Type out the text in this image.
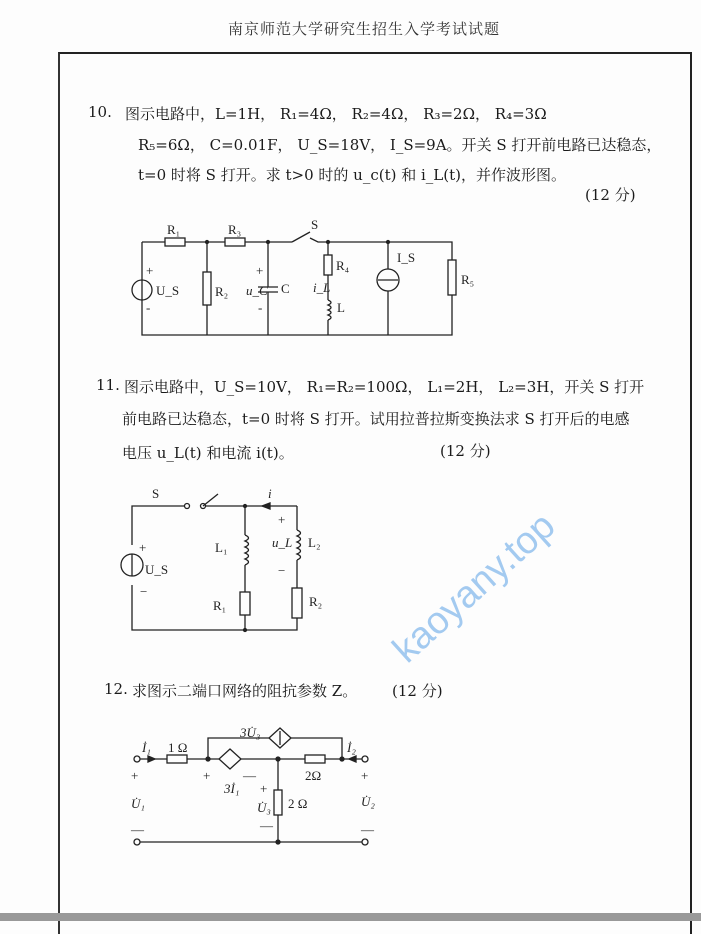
南京师范大学研究生招生入学考试试题
10. 图示电路中，L=1H， R₁=4Ω， R₂=4Ω， R₃=2Ω， R₄=3Ω
R₅=6Ω， C=0.01F， U_S=18V， I_S=9A。开关 S 打开前电路已达稳态，
t=0 时将 S 打开。求 t>0 时的 u_c(t) 和 i_L(t)，并作波形图。
(12 分)
11. 图示电路中，U_S=10V， R₁=R₂=100Ω， L₁=2H， L₂=3H，开关 S 打开
前电路已达稳态，t=0 时将 S 打开。试用拉普拉斯变换法求 S 打开后的电感
电压 u_L(t) 和电流 i(t)。	(12 分)
12. 求图示二端口网络的阻抗参数 Z。 (12 分)
R₁	R₃	S
+
-
U_S	R₂
+
u_C C
-
R₄
i_L
L
I_S
R₅
S	i
+
U_S
−
L₁
R₁
+
u_L
−
L₂
R₂
İ₁ 1 Ω
3U̇₃
İ₂
+	+	—
3İ₁
2Ω	+
+
U̇₁	U̇₃ 2 Ω	U̇₂
—
—	—
kaoyany.top
